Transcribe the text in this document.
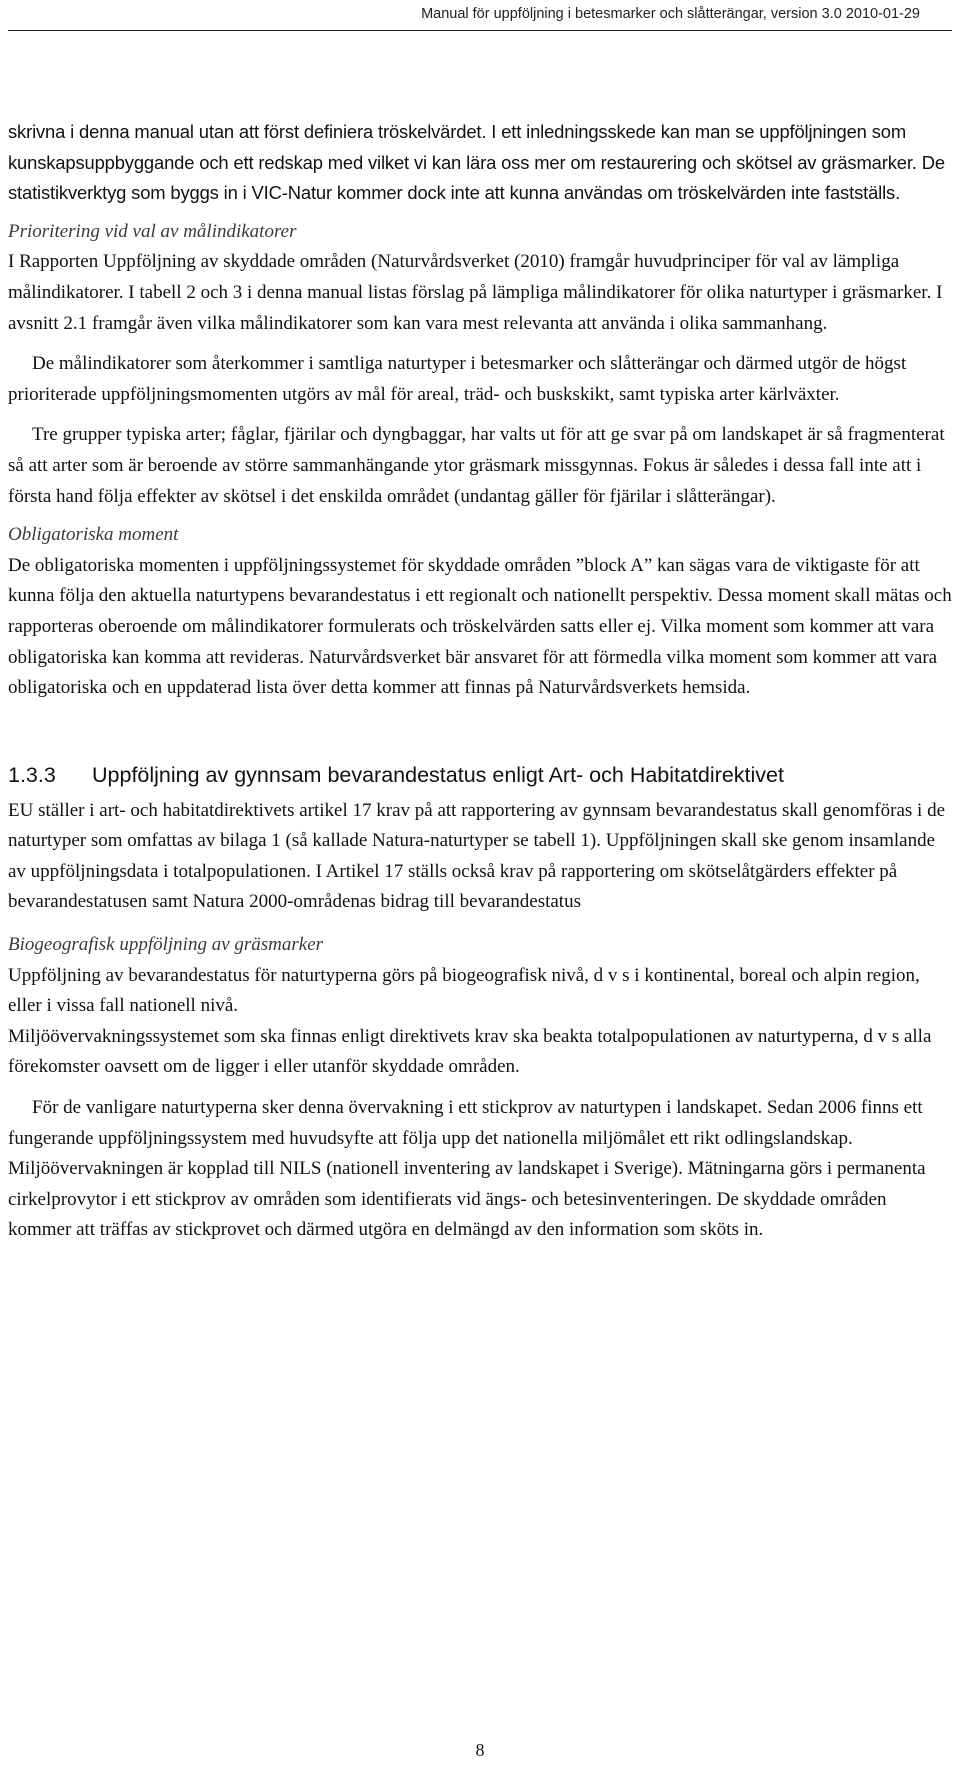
Manual för uppföljning i betesmarker och slåtterängar, version 3.0 2010-01-29

skrivna i denna manual utan att först definiera tröskelvärdet. I ett inledningsskede kan man se uppföljningen som kunskapsuppbyggande och ett redskap med vilket vi kan lära oss mer om restaurering och skötsel av gräsmarker. De statistikverktyg som byggs in i VIC-Natur kommer dock inte att kunna användas om tröskelvärden inte fastställs.

Prioritering vid val av målindikatorer

I Rapporten Uppföljning av skyddade områden (Naturvårdsverket (2010) framgår huvudprinciper för val av lämpliga målindikatorer. I tabell 2 och 3 i denna manual listas förslag på lämpliga målindikatorer för olika naturtyper i gräsmarker. I avsnitt 2.1 framgår även vilka målindikatorer som kan vara mest relevanta att använda i olika sammanhang.

De målindikatorer som återkommer i samtliga naturtyper i betesmarker och slåtterängar och därmed utgör de högst prioriterade uppföljningsmomenten utgörs av mål för areal, träd- och buskskikt, samt typiska arter kärlväxter.

Tre grupper typiska arter; fåglar, fjärilar och dyngbaggar, har valts ut för att ge svar på om landskapet är så fragmenterat så att arter som är beroende av större sammanhängande ytor gräsmark missgynnas. Fokus är således i dessa fall inte att i första hand följa effekter av skötsel i det enskilda området (undantag gäller för fjärilar i slåtterängar).

Obligatoriska moment

De obligatoriska momenten i uppföljningssystemet för skyddade områden ”block A” kan sägas vara de viktigaste för att kunna följa den aktuella naturtypens bevarandestatus i ett regionalt och nationellt perspektiv. Dessa moment skall mätas och rapporteras oberoende om målindikatorer formulerats och tröskelvärden satts eller ej. Vilka moment som kommer att vara obligatoriska kan komma att revideras. Naturvårdsverket bär ansvaret för att förmedla vilka moment som kommer att vara obligatoriska och en uppdaterad lista över detta kommer att finnas på Naturvårdsverkets hemsida.

1.3.3 Uppföljning av gynnsam bevarandestatus enligt Art- och Habitatdirektivet

EU ställer i art- och habitatdirektivets artikel 17 krav på att rapportering av gynnsam bevarandestatus skall genomföras i de naturtyper som omfattas av bilaga 1 (så kallade Natura-naturtyper se tabell 1). Uppföljningen skall ske genom insamlande av uppföljningsdata i totalpopulationen. I Artikel 17 ställs också krav på rapportering om skötselåtgärders effekter på bevarandestatusen samt Natura 2000-områdenas bidrag till bevarandestatus

Biogeografisk uppföljning av gräsmarker

Uppföljning av bevarandestatus för naturtyperna görs på biogeografisk nivå, d v s i kontinental, boreal och alpin region, eller i vissa fall nationell nivå.

Miljöövervakningssystemet som ska finnas enligt direktivets krav ska beakta totalpopulationen av naturtyperna, d v s alla förekomster oavsett om de ligger i eller utanför skyddade områden.

För de vanligare naturtyperna sker denna övervakning i ett stickprov av naturtypen i landskapet. Sedan 2006 finns ett fungerande uppföljningssystem med huvudsyfte att följa upp det nationella miljömålet ett rikt odlingslandskap. Miljöövervakningen är kopplad till NILS (nationell inventering av landskapet i Sverige). Mätningarna görs i permanenta cirkelprovytor i ett stickprov av områden som identifierats vid ängs- och betesinventeringen. De skyddade områden kommer att träffas av stickprovet och därmed utgöra en delmängd av den information som sköts in.

8
